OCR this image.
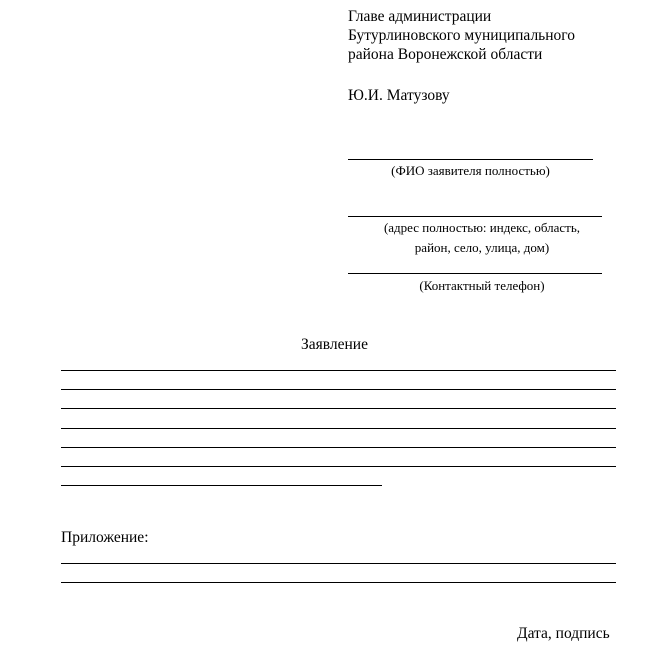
Главе администрации
Бутурлиновского муниципального
района Воронежской области
Ю.И. Матузову
(ФИО заявителя полностью)
(адрес полностью: индекс, область,
район, село, улица, дом)
(Контактный телефон)
Заявление
Приложение:
Дата, подпись
